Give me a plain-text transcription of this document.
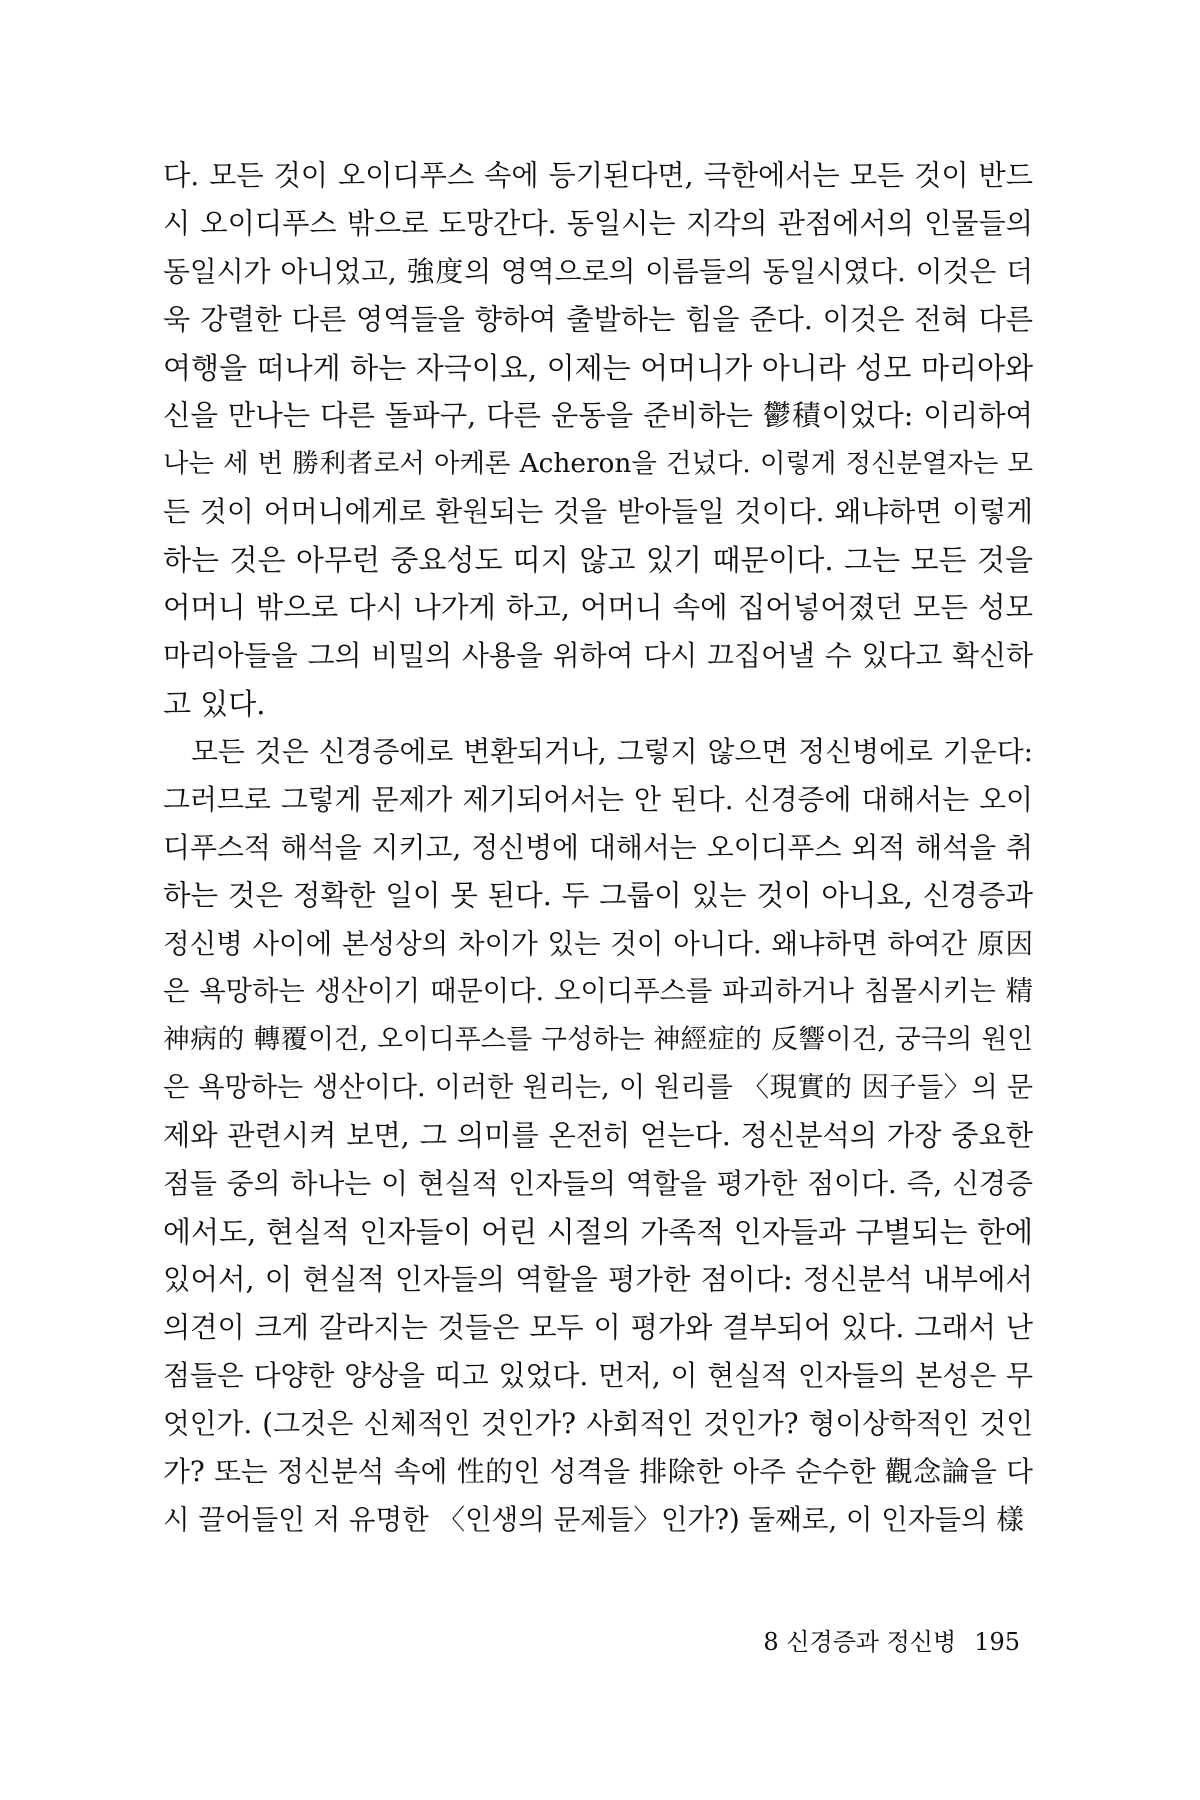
다. 모든 것이 오이디푸스 속에 등기된다면, 극한에서는 모든 것이 반드
시 오이디푸스 밖으로 도망간다. 동일시는 지각의 관점에서의 인물들의
동일시가 아니었고, 強度의 영역으로의 이름들의 동일시였다. 이것은 더
욱 강렬한 다른 영역들을 향하여 출발하는 힘을 준다. 이것은 전혀 다른
여행을 떠나게 하는 자극이요, 이제는 어머니가 아니라 성모 마리아와
신을 만나는 다른 돌파구, 다른 운동을 준비하는 鬱積이었다: 이리하여
나는 세 번 勝利者로서 아케론 Acheron을 건넜다. 이렇게 정신분열자는 모
든 것이 어머니에게로 환원되는 것을 받아들일 것이다. 왜냐하면 이렇게
하는 것은 아무런 중요성도 띠지 않고 있기 때문이다. 그는 모든 것을
어머니 밖으로 다시 나가게 하고, 어머니 속에 집어넣어졌던 모든 성모
마리아들을 그의 비밀의 사용을 위하여 다시 끄집어낼 수 있다고 확신하
고 있다.
모든 것은 신경증에로 변환되거나, 그렇지 않으면 정신병에로 기운다:
그러므로 그렇게 문제가 제기되어서는 안 된다. 신경증에 대해서는 오이
디푸스적 해석을 지키고, 정신병에 대해서는 오이디푸스 외적 해석을 취
하는 것은 정확한 일이 못 된다. 두 그룹이 있는 것이 아니요, 신경증과
정신병 사이에 본성상의 차이가 있는 것이 아니다. 왜냐하면 하여간 原因
은 욕망하는 생산이기 때문이다. 오이디푸스를 파괴하거나 침몰시키는 精
神病的 轉覆이건, 오이디푸스를 구성하는 神經症的 反響이건, 궁극의 원인
은 욕망하는 생산이다. 이러한 원리는, 이 원리를 〈現實的 因子들〉의 문
제와 관련시켜 보면, 그 의미를 온전히 얻는다. 정신분석의 가장 중요한
점들 중의 하나는 이 현실적 인자들의 역할을 평가한 점이다. 즉, 신경증
에서도, 현실적 인자들이 어린 시절의 가족적 인자들과 구별되는 한에
있어서, 이 현실적 인자들의 역할을 평가한 점이다: 정신분석 내부에서
의견이 크게 갈라지는 것들은 모두 이 평가와 결부되어 있다. 그래서 난
점들은 다양한 양상을 띠고 있었다. 먼저, 이 현실적 인자들의 본성은 무
엇인가. (그것은 신체적인 것인가? 사회적인 것인가? 형이상학적인 것인
가? 또는 정신분석 속에 性的인 성격을 排除한 아주 순수한 觀念論을 다
시 끌어들인 저 유명한 〈인생의 문제들〉인가?) 둘째로, 이 인자들의 樣
8 신경증과 정신병 195
